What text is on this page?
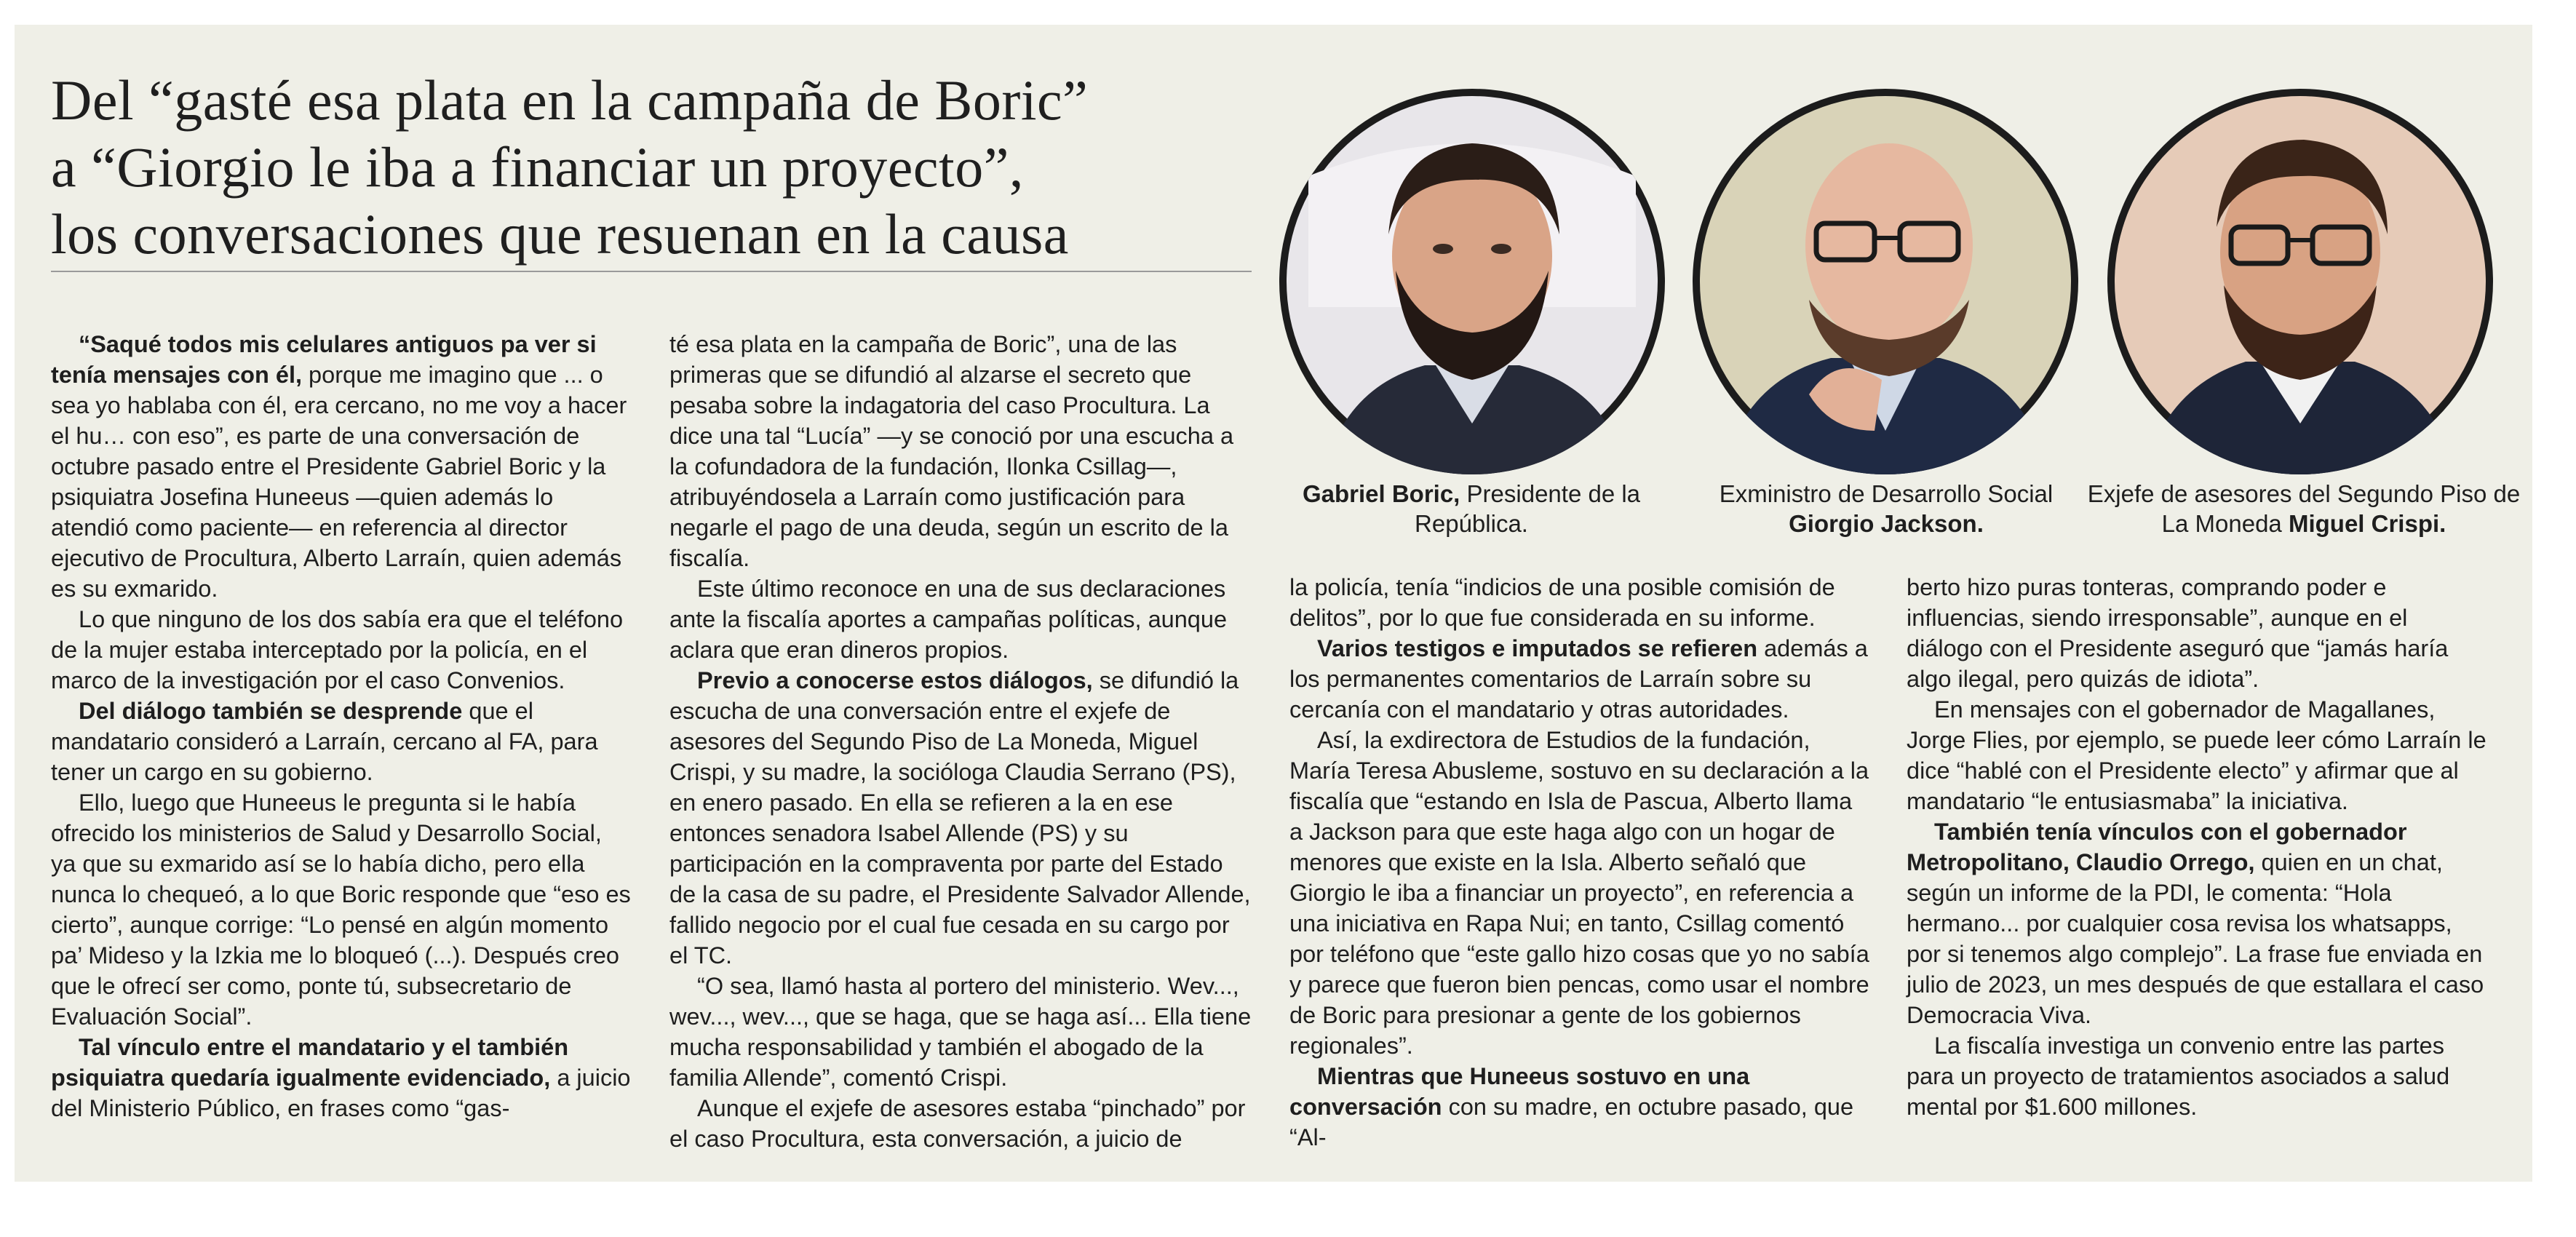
Del “gasté esa plata en la campaña de Boric”
a “Giorgio le iba a financiar un proyecto”,
los conversaciones que resuenan en la causa
Gabriel Boric, Presidente de la República.
Exministro de Desarrollo Social
Giorgio Jackson.
Exjefe de asesores del Segundo Piso de La Moneda Miguel Crispi.

“Saqué todos mis celulares antiguos pa ver si tenía mensajes con él, porque me imagino que ... o sea yo hablaba con él, era cercano, no me voy a hacer el hu… con eso”, es parte de una conversación de octubre pasado entre el Presidente Gabriel Boric y la psiquiatra Josefina Huneeus —quien además lo atendió como paciente— en referencia al director ejecutivo de Procultura, Alberto Larraín, quien además es su exmarido.

Lo que ninguno de los dos sabía era que el teléfono de la mujer estaba interceptado por la policía, en el marco de la investigación por el caso Convenios.

Del diálogo también se desprende que el mandatario consideró a Larraín, cercano al FA, para tener un cargo en su gobierno.

Ello, luego que Huneeus le pregunta si le había ofrecido los ministerios de Salud y Desarrollo Social, ya que su exmarido así se lo había dicho, pero ella nunca lo chequeó, a lo que Boric responde que “eso es cierto”, aunque corrige: “Lo pensé en algún momento pa’ Mideso y la Izkia me lo bloqueó (...). Después creo que le ofrecí ser como, ponte tú, subsecretario de Evaluación Social”.

Tal vínculo entre el mandatario y el también psiquiatra quedaría igualmente evidenciado, a juicio del Ministerio Público, en frases como “gas-

té esa plata en la campaña de Boric”, una de las primeras que se difundió al alzarse el secreto que pesaba sobre la indagatoria del caso Procultura. La dice una tal “Lucía” —y se conoció por una escucha a la cofundadora de la fundación, Ilonka Csillag—, atribuyéndosela a Larraín como justificación para negarle el pago de una deuda, según un escrito de la fiscalía.

Este último reconoce en una de sus declaraciones ante la fiscalía aportes a campañas políticas, aunque aclara que eran dineros propios.

Previo a conocerse estos diálogos, se difundió la escucha de una conversación entre el exjefe de asesores del Segundo Piso de La Moneda, Miguel Crispi, y su madre, la socióloga Claudia Serrano (PS), en enero pasado. En ella se refieren a la en ese entonces senadora Isabel Allende (PS) y su participación en la compraventa por parte del Estado de la casa de su padre, el Presidente Salvador Allende, fallido negocio por el cual fue cesada en su cargo por el TC.

“O sea, llamó hasta al portero del ministerio. Wev..., wev..., wev..., que se haga, que se haga así... Ella tiene mucha responsabilidad y también el abogado de la familia Allende”, comentó Crispi.

Aunque el exjefe de asesores estaba “pinchado” por el caso Procultura, esta conversación, a juicio de

la policía, tenía “indicios de una posible comisión de delitos”, por lo que fue considerada en su informe.

Varios testigos e imputados se refieren además a los permanentes comentarios de Larraín sobre su cercanía con el mandatario y otras autoridades.

Así, la exdirectora de Estudios de la fundación, María Teresa Abusleme, sostuvo en su declaración a la fiscalía que “estando en Isla de Pascua, Alberto llama a Jackson para que este haga algo con un hogar de menores que existe en la Isla. Alberto señaló que Giorgio le iba a financiar un proyecto”, en referencia a una iniciativa en Rapa Nui; en tanto, Csillag comentó por teléfono que “este gallo hizo cosas que yo no sabía y parece que fueron bien pencas, como usar el nombre de Boric para presionar a gente de los gobiernos regionales”.

Mientras que Huneeus sostuvo en una conversación con su madre, en octubre pasado, que “Al-

berto hizo puras tonteras, comprando poder e influencias, siendo irresponsable”, aunque en el diálogo con el Presidente aseguró que “jamás haría algo ilegal, pero quizás de idiota”.

En mensajes con el gobernador de Magallanes, Jorge Flies, por ejemplo, se puede leer cómo Larraín le dice “hablé con el Presidente electo” y afirmar que al mandatario “le entusiasmaba” la iniciativa.

También tenía vínculos con el gobernador Metropolitano, Claudio Orrego, quien en un chat, según un informe de la PDI, le comenta: “Hola hermano... por cualquier cosa revisa los whatsapps, por si tenemos algo complejo”. La frase fue enviada en julio de 2023, un mes después de que estallara el caso Democracia Viva.

La fiscalía investiga un convenio entre las partes para un proyecto de tratamientos asociados a salud mental por $1.600 millones.
